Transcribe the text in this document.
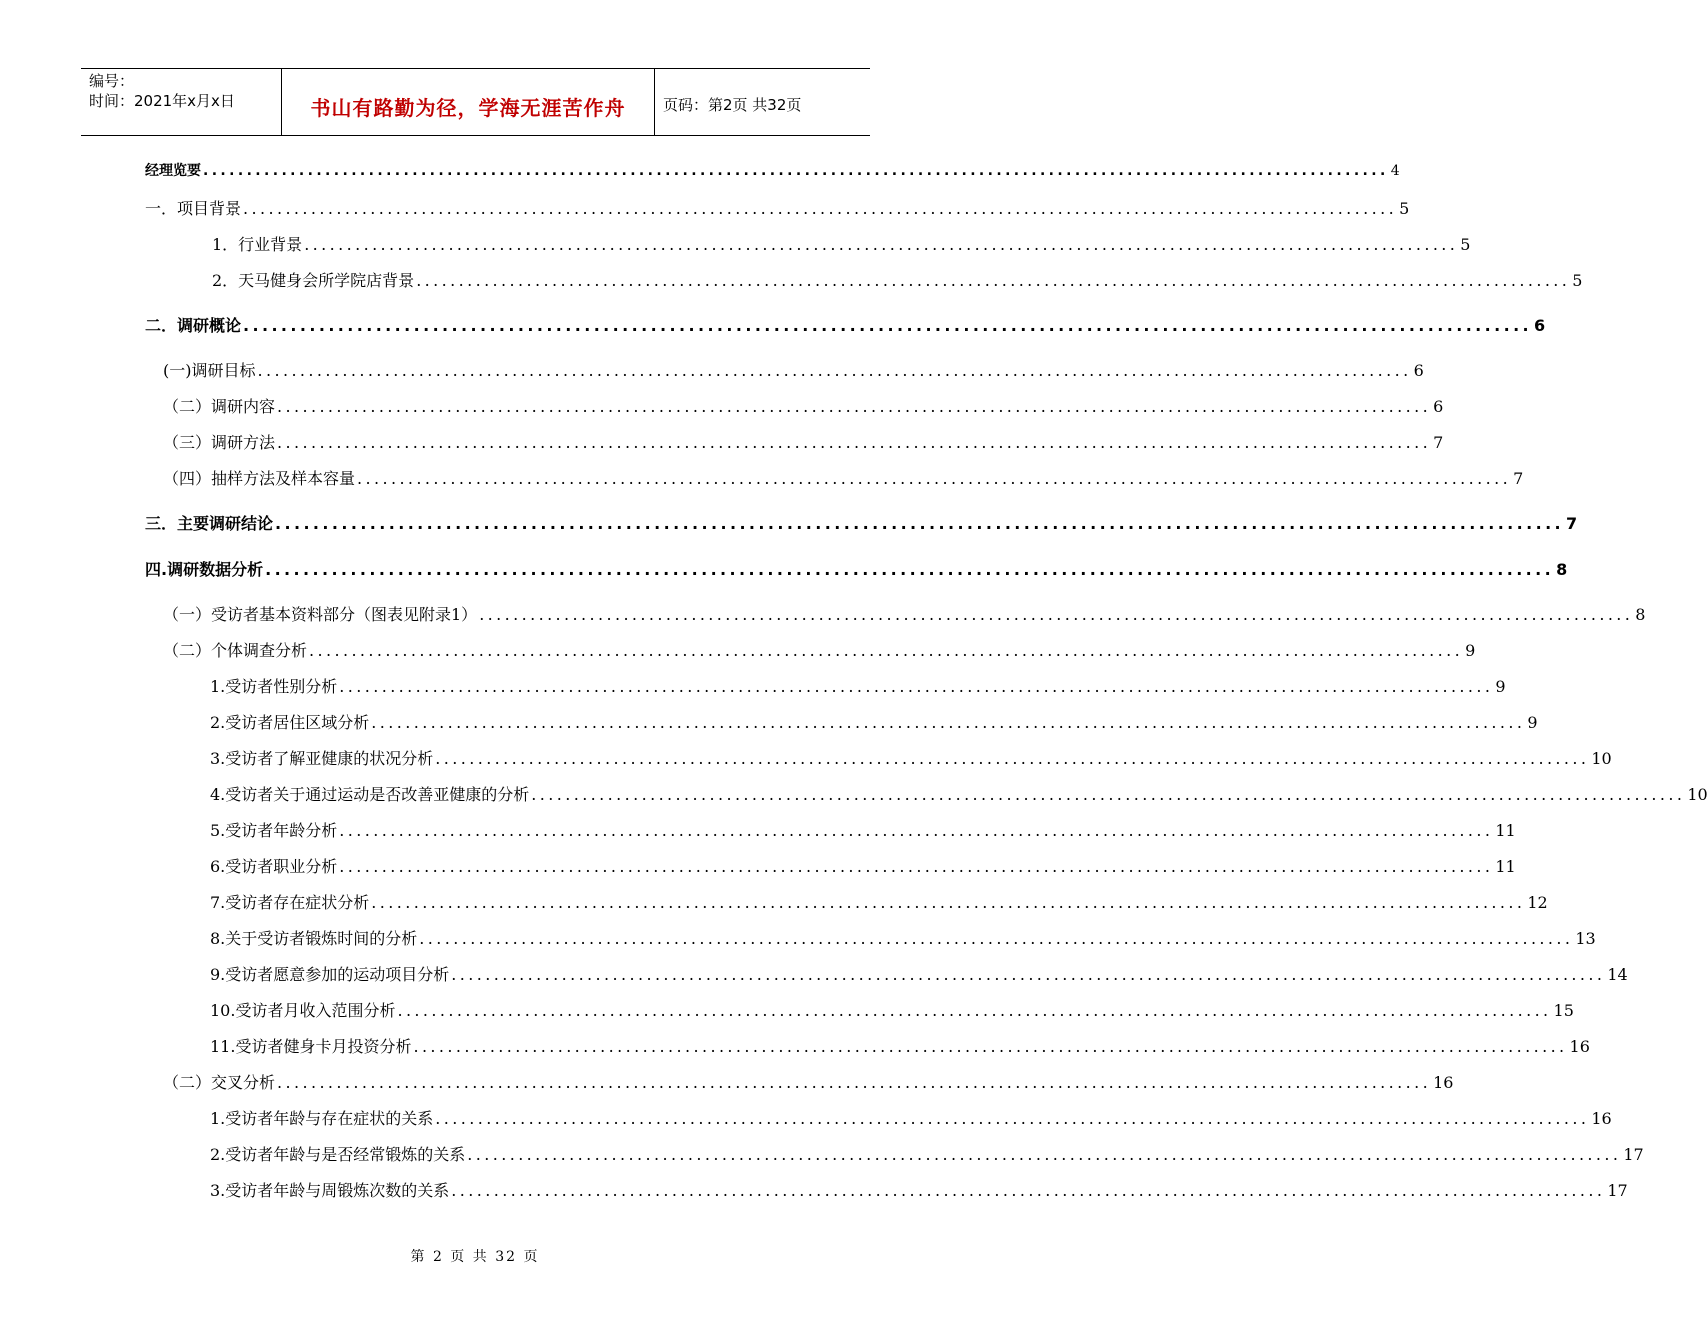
编号：
时间：2021年x月x日	书山有路勤为径，学海无涯苦作舟	页码：第2页 共32页
经理览要 ........................................................................................................................................ 4
一．项目背景 ........................................................................................................................................ 5
1．行业背景 ........................................................................................................................................ 5
2．天马健身会所学院店背景 ........................................................................................................................................ 5
二．调研概论 ........................................................................................................................................ 6
(一)调研目标 ........................................................................................................................................ 6
（二）调研内容 ........................................................................................................................................ 6
（三）调研方法 ........................................................................................................................................ 7
（四）抽样方法及样本容量 ........................................................................................................................................ 7
三．主要调研结论 ........................................................................................................................................ 7
四.调研数据分析 ........................................................................................................................................ 8
（一）受访者基本资料部分（图表见附录1） ........................................................................................................................................ 8
（二）个体调查分析 ........................................................................................................................................ 9
1.受访者性别分析 ........................................................................................................................................ 9
2.受访者居住区域分析 ........................................................................................................................................ 9
3.受访者了解亚健康的状况分析 ........................................................................................................................................ 10
4.受访者关于通过运动是否改善亚健康的分析 ........................................................................................................................................ 10
5.受访者年龄分析 ........................................................................................................................................ 11
6.受访者职业分析 ........................................................................................................................................ 11
7.受访者存在症状分析 ........................................................................................................................................ 12
8.关于受访者锻炼时间的分析 ........................................................................................................................................ 13
9.受访者愿意参加的运动项目分析 ........................................................................................................................................ 14
10.受访者月收入范围分析 ........................................................................................................................................ 15
11.受访者健身卡月投资分析 ........................................................................................................................................ 16
（二）交叉分析 ........................................................................................................................................ 16
1.受访者年龄与存在症状的关系 ........................................................................................................................................ 16
2.受访者年龄与是否经常锻炼的关系 ........................................................................................................................................ 17
3.受访者年龄与周锻炼次数的关系 ........................................................................................................................................ 17
第 2 页 共 32 页
